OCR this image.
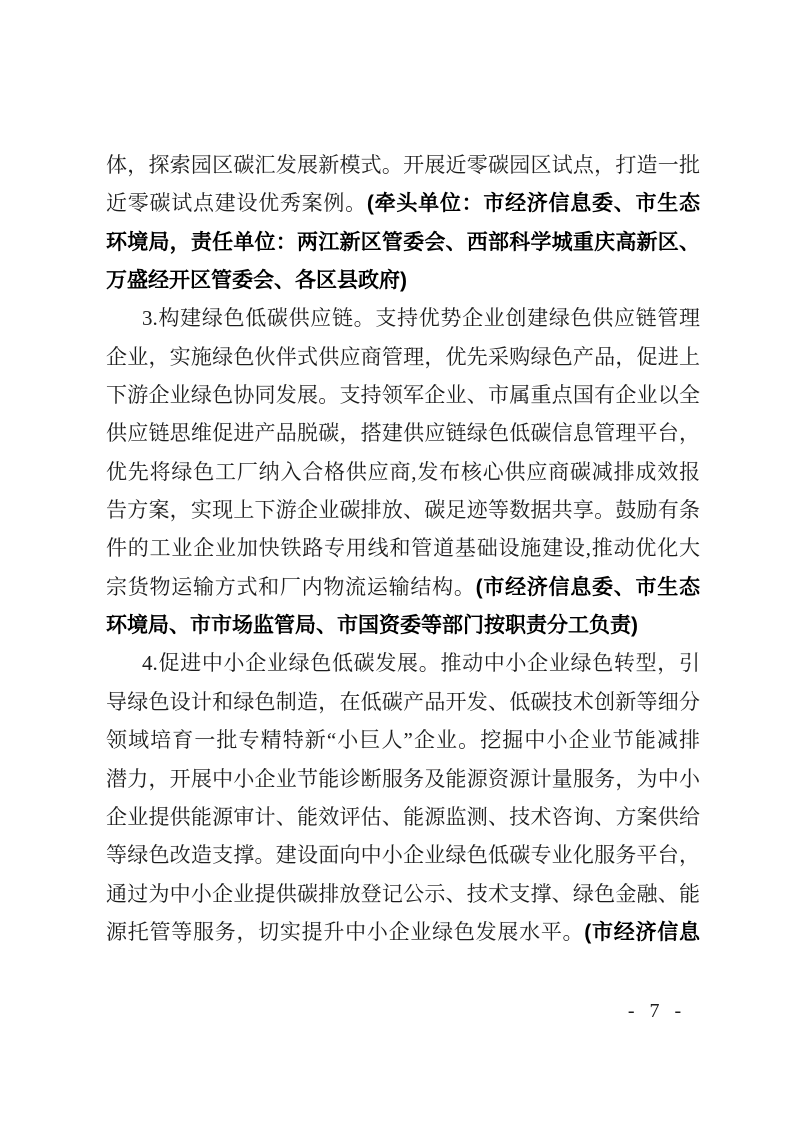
体，探索园区碳汇发展新模式。开展近零碳园区试点，打造一批
近零碳试点建设优秀案例。(牵头单位：市经济信息委、市生态
环境局，责任单位：两江新区管委会、西部科学城重庆高新区、
万盛经开区管委会、各区县政府)
3.构建绿色低碳供应链。支持优势企业创建绿色供应链管理
企业，实施绿色伙伴式供应商管理，优先采购绿色产品，促进上
下游企业绿色协同发展。支持领军企业、市属重点国有企业以全
供应链思维促进产品脱碳，搭建供应链绿色低碳信息管理平台，
优先将绿色工厂纳入合格供应商,发布核心供应商碳减排成效报
告方案，实现上下游企业碳排放、碳足迹等数据共享。鼓励有条
件的工业企业加快铁路专用线和管道基础设施建设,推动优化大
宗货物运输方式和厂内物流运输结构。(市经济信息委、市生态
环境局、市市场监管局、市国资委等部门按职责分工负责)
4.促进中小企业绿色低碳发展。推动中小企业绿色转型，引
导绿色设计和绿色制造，在低碳产品开发、低碳技术创新等细分
领域培育一批专精特新“小巨人”企业。挖掘中小企业节能减排
潜力，开展中小企业节能诊断服务及能源资源计量服务，为中小
企业提供能源审计、能效评估、能源监测、技术咨询、方案供给
等绿色改造支撑。建设面向中小企业绿色低碳专业化服务平台，
通过为中小企业提供碳排放登记公示、技术支撑、绿色金融、能
源托管等服务，切实提升中小企业绿色发展水平。(市经济信息
- 7 -
